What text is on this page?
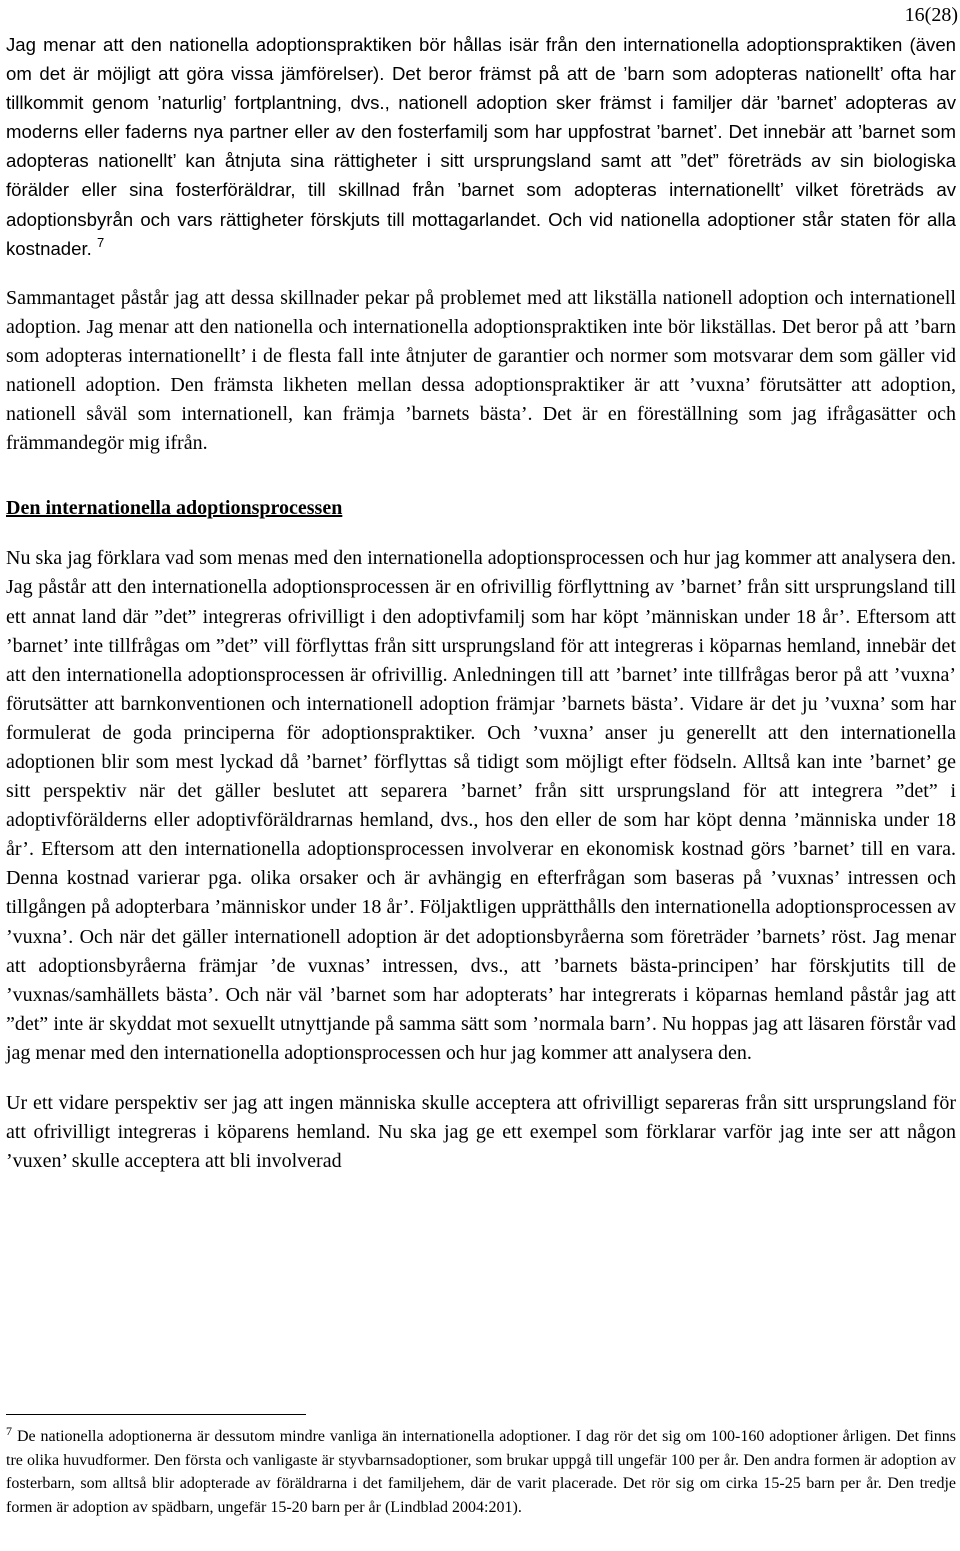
16(28)

Jag menar att den nationella adoptionspraktiken bör hållas isär från den internationella adoptionspraktiken (även om det är möjligt att göra vissa jämförelser). Det beror främst på att de ’barn som adopteras nationellt’ ofta har tillkommit genom ’naturlig’ fortplantning, dvs., nationell adoption sker främst i familjer där ’barnet’ adopteras av moderns eller faderns nya partner eller av den fosterfamilj som har uppfostrat ’barnet’. Det innebär att ’barnet som adopteras nationellt’ kan åtnjuta sina rättigheter i sitt ursprungsland samt att ”det” företräds av sin biologiska förälder eller sina fosterföräldrar, till skillnad från ’barnet som adopteras internationellt’ vilket företräds av adoptionsbyrån och vars rättigheter förskjuts till mottagarlandet. Och vid nationella adoptioner står staten för alla kostnader. $^7$

Sammantaget påstår jag att dessa skillnader pekar på problemet med att likställa nationell adoption och internationell adoption. Jag menar att den nationella och internationella adoptionspraktiken inte bör likställas. Det beror på att ’barn som adopteras internationellt’ i de flesta fall inte åtnjuter de garantier och normer som motsvarar dem som gäller vid nationell adoption. Den främsta likheten mellan dessa adoptionspraktiker är att ’vuxna’ förutsätter att adoption, nationell såväl som internationell, kan främja ’barnets bästa’. Det är en föreställning som jag ifrågasätter och främmandegör mig ifrån.

Den internationella adoptionsprocessen

Nu ska jag förklara vad som menas med den internationella adoptionsprocessen och hur jag kommer att analysera den. Jag påstår att den internationella adoptionsprocessen är en ofrivillig förflyttning av ’barnet’ från sitt ursprungsland till ett annat land där ”det” integreras ofrivilligt i den adoptivfamilj som har köpt ’människan under 18 år’. Eftersom att ’barnet’ inte tillfrågas om ”det” vill förflyttas från sitt ursprungsland för att integreras i köparnas hemland, innebär det att den internationella adoptionsprocessen är ofrivillig. Anledningen till att ’barnet’ inte tillfrågas beror på att ’vuxna’ förutsätter att barnkonventionen och internationell adoption främjar ’barnets bästa’. Vidare är det ju ’vuxna’ som har formulerat de goda principerna för adoptionspraktiker. Och ’vuxna’ anser ju generellt att den internationella adoptionen blir som mest lyckad då ’barnet’ förflyttas så tidigt som möjligt efter födseln. Alltså kan inte ’barnet’ ge sitt perspektiv när det gäller beslutet att separera ’barnet’ från sitt ursprungsland för att integrera ”det” i adoptivförälderns eller adoptivföräldrarnas hemland, dvs., hos den eller de som har köpt denna ’människa under 18 år’. Eftersom att den internationella adoptionsprocessen involverar en ekonomisk kostnad görs ’barnet’ till en vara. Denna kostnad varierar pga. olika orsaker och är avhängig en efterfrågan som baseras på ’vuxnas’ intressen och tillgången på adopterbara ’människor under 18 år’. Följaktligen upprätthålls den internationella adoptionsprocessen av ’vuxna’. Och när det gäller internationell adoption är det adoptionsbyråerna som företräder ’barnets’ röst. Jag menar att adoptionsbyråerna främjar ’de vuxnas’ intressen, dvs., att ’barnets bästa-principen’ har förskjutits till de ’vuxnas/samhällets bästa’. Och när väl ’barnet som har adopterats’ har integrerats i köparnas hemland påstår jag att ”det” inte är skyddat mot sexuellt utnyttjande på samma sätt som ’normala barn’. Nu hoppas jag att läsaren förstår vad jag menar med den internationella adoptionsprocessen och hur jag kommer att analysera den.

Ur ett vidare perspektiv ser jag att ingen människa skulle acceptera att ofrivilligt separeras från sitt ursprungsland för att ofrivilligt integreras i köparens hemland. Nu ska jag ge ett exempel som förklarar varför jag inte ser att någon ’vuxen’ skulle acceptera att bli involverad

$^7$ De nationella adoptionerna är dessutom mindre vanliga än internationella adoptioner. I dag rör det sig om 100-160 adoptioner årligen. Det finns tre olika huvudformer. Den första och vanligaste är styvbarnsadoptioner, som brukar uppgå till ungefär 100 per år. Den andra formen är adoption av fosterbarn, som alltså blir adopterade av föräldrarna i det familjehem, där de varit placerade. Det rör sig om cirka 15-25 barn per år. Den tredje formen är adoption av spädbarn, ungefär 15-20 barn per år (Lindblad 2004:201).
